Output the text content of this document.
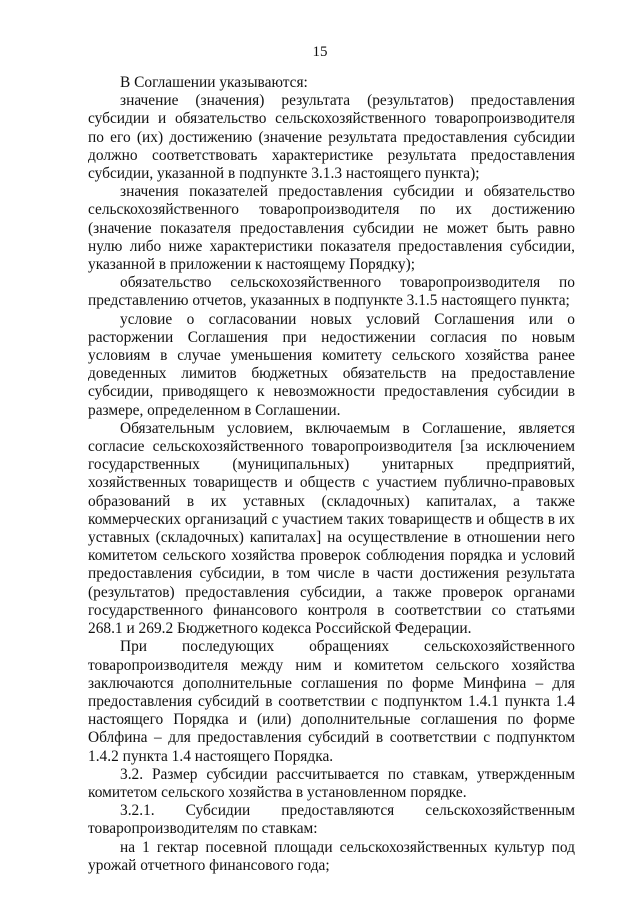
15

В Соглашении указываются:

значение (значения) результата (результатов) предоставления субсидии и обязательство сельскохозяйственного товаропроизводителя по его (их) достижению (значение результата предоставления субсидии должно соответствовать характеристике результата предоставления субсидии, указанной в подпункте 3.1.3 настоящего пункта);

значения показателей предоставления субсидии и обязательство сельскохозяйственного товаропроизводителя по их достижению (значение показателя предоставления субсидии не может быть равно нулю либо ниже характеристики показателя предоставления субсидии, указанной в приложении к настоящему Порядку);

обязательство сельскохозяйственного товаропроизводителя по представлению отчетов, указанных в подпункте 3.1.5 настоящего пункта;

условие о согласовании новых условий Соглашения или о расторжении Соглашения при недостижении согласия по новым условиям в случае уменьшения комитету сельского хозяйства ранее доведенных лимитов бюджетных обязательств на предоставление субсидии, приводящего к невозможности предоставления субсидии в размере, определенном в Соглашении.

Обязательным условием, включаемым в Соглашение, является согласие сельскохозяйственного товаропроизводителя [за исключением государственных (муниципальных) унитарных предприятий, хозяйственных товариществ и обществ с участием публично-правовых образований в их уставных (складочных) капиталах, а также коммерческих организаций с участием таких товариществ и обществ в их уставных (складочных) капиталах] на осуществление в отношении него комитетом сельского хозяйства проверок соблюдения порядка и условий предоставления субсидии, в том числе в части достижения результата (результатов) предоставления субсидии, а также проверок органами государственного финансового контроля в соответствии со статьями 268.1 и 269.2 Бюджетного кодекса Российской Федерации.

При последующих обращениях сельскохозяйственного товаропроизводителя между ним и комитетом сельского хозяйства заключаются дополнительные соглашения по форме Минфина – для предоставления субсидий в соответствии с подпунктом 1.4.1 пункта 1.4 настоящего Порядка и (или) дополнительные соглашения по форме Облфина – для предоставления субсидий в соответствии с подпунктом 1.4.2 пункта 1.4 настоящего Порядка.

3.2. Размер субсидии рассчитывается по ставкам, утвержденным комитетом сельского хозяйства в установленном порядке.

3.2.1. Субсидии предоставляются сельскохозяйственным товаропроизводителям по ставкам:

на 1 гектар посевной площади сельскохозяйственных культур под урожай отчетного финансового года;
